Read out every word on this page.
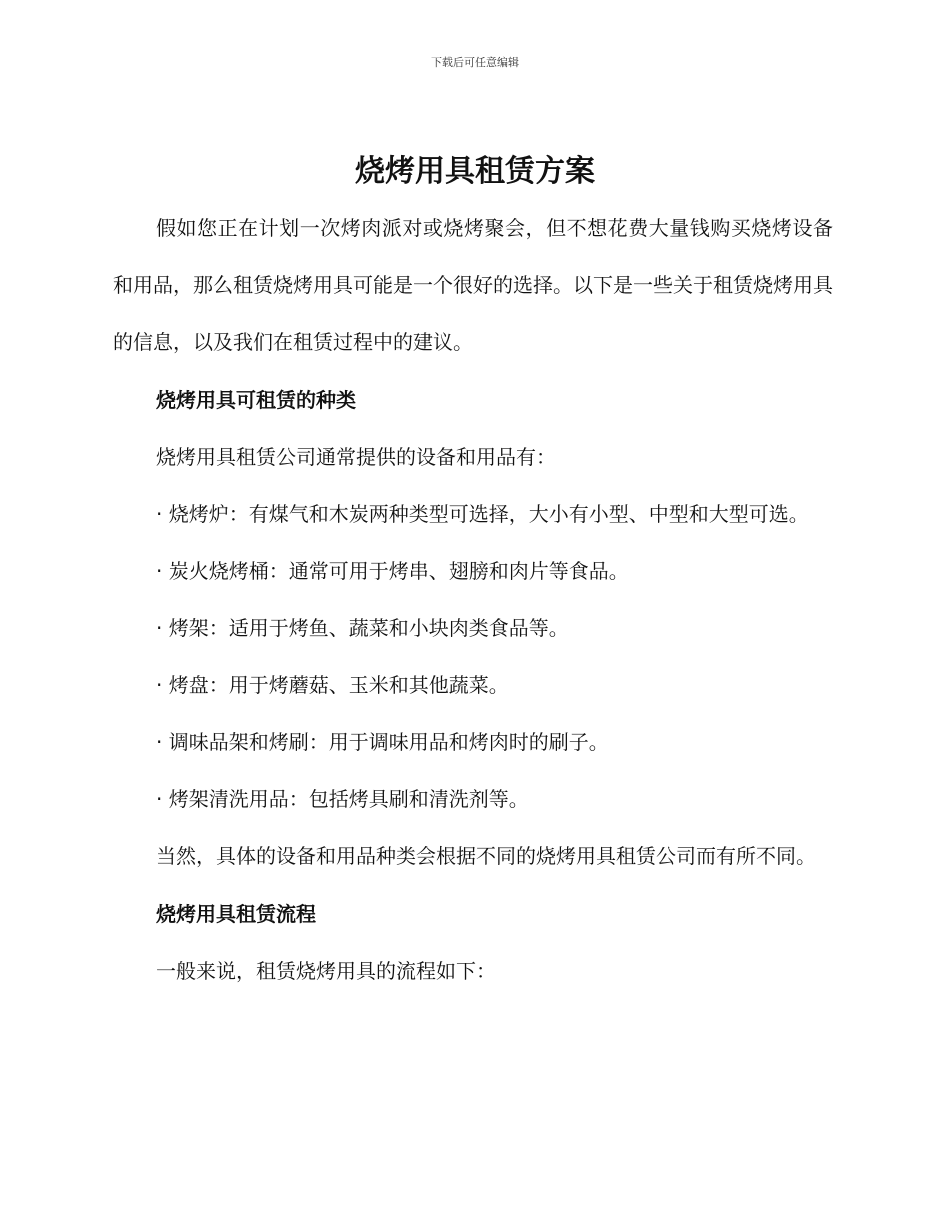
下载后可任意编辑
烧烤用具租赁方案

假如您正在计划一次烤肉派对或烧烤聚会，但不想花费大量钱购买烧烤设备和用品，那么租赁烧烤用具可能是一个很好的选择。以下是一些关于租赁烧烤用具的信息，以及我们在租赁过程中的建议。

烧烤用具可租赁的种类

烧烤用具租赁公司通常提供的设备和用品有：

· 烧烤炉：有煤气和木炭两种类型可选择，大小有小型、中型和大型可选。

· 炭火烧烤桶：通常可用于烤串、翅膀和肉片等食品。

· 烤架：适用于烤鱼、蔬菜和小块肉类食品等。

· 烤盘：用于烤蘑菇、玉米和其他蔬菜。

· 调味品架和烤刷：用于调味用品和烤肉时的刷子。

· 烤架清洗用品：包括烤具刷和清洗剂等。

当然，具体的设备和用品种类会根据不同的烧烤用具租赁公司而有所不同。

烧烤用具租赁流程

一般来说，租赁烧烤用具的流程如下：
